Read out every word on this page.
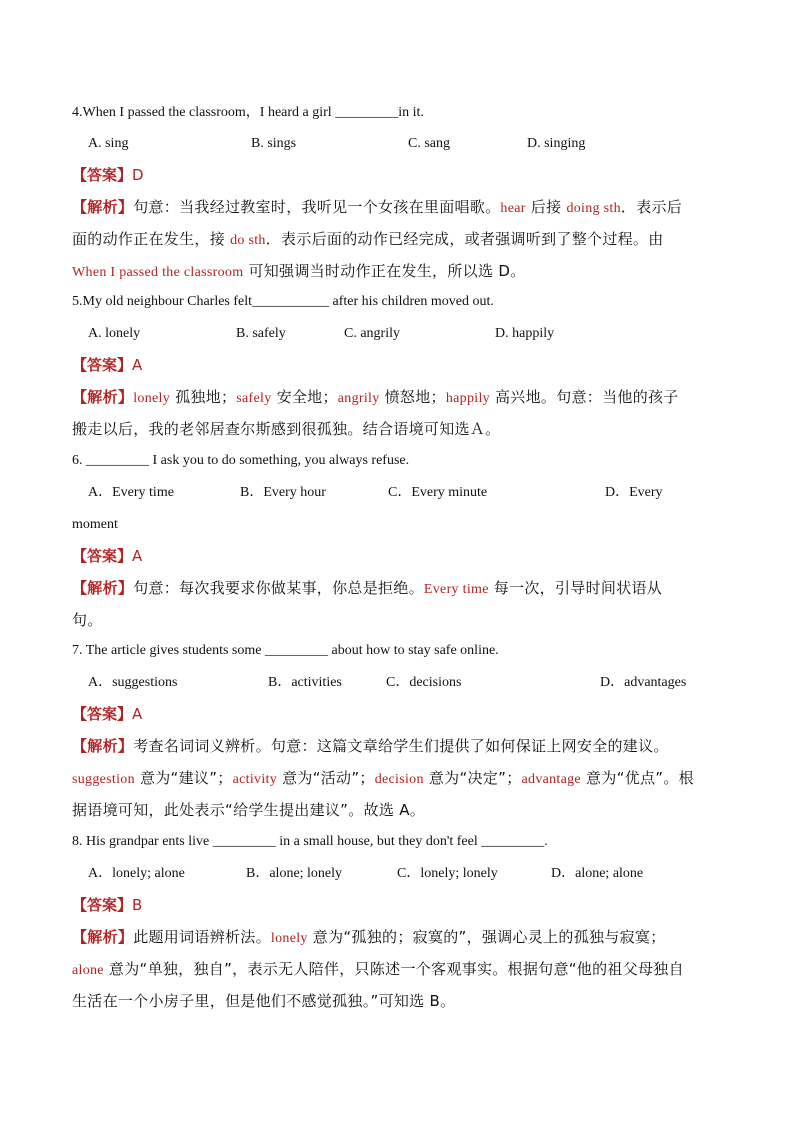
4.When I passed the classroom，I heard a girl _________in it.
A. sing	B. sings	C. sang	D. singing
【答案】D
【解析】句意：当我经过教室时，我听见一个女孩在里面唱歌。hear 后接 doing sth．表示后
面的动作正在发生，接 do sth．表示后面的动作已经完成，或者强调听到了整个过程。由
When I passed the classroom 可知强调当时动作正在发生，所以选 D。
5.My old neighbour Charles felt___________ after his children moved out.
A. lonely	B. safely	C. angrily	D. happily
【答案】A
【解析】lonely 孤独地；safely 安全地；angrily 愤怒地；happily 高兴地。句意：当他的孩子
搬走以后，我的老邻居查尔斯感到很孤独。结合语境可知选Ａ。
6. _________ I ask you to do something, you always refuse.
A．Every time	B．Every hour	C．Every minute	D．Every
moment
【答案】A
【解析】句意：每次我要求你做某事，你总是拒绝。Every time 每一次，引导时间状语从
句。
7. The article gives students some _________ about how to stay safe online.
A．suggestions	B．activities	C．decisions	D．advantages
【答案】A
【解析】考查名词词义辨析。句意：这篇文章给学生们提供了如何保证上网安全的建议。
suggestion 意为“建议”；activity 意为“活动”；decision 意为“决定”；advantage 意为“优点”。根
据语境可知，此处表示“给学生提出建议”。故选 A。
8. His grandpar ents live _________ in a small house, but they don't feel _________.
A．lonely; alone	B．alone; lonely	C．lonely; lonely	D．alone; alone
【答案】B
【解析】此题用词语辨析法。lonely 意为“孤独的；寂寞的”，强调心灵上的孤独与寂寞；
alone 意为“单独，独自”，表示无人陪伴，只陈述一个客观事实。根据句意“他的祖父母独自
生活在一个小房子里，但是他们不感觉孤独。”可知选 B。
